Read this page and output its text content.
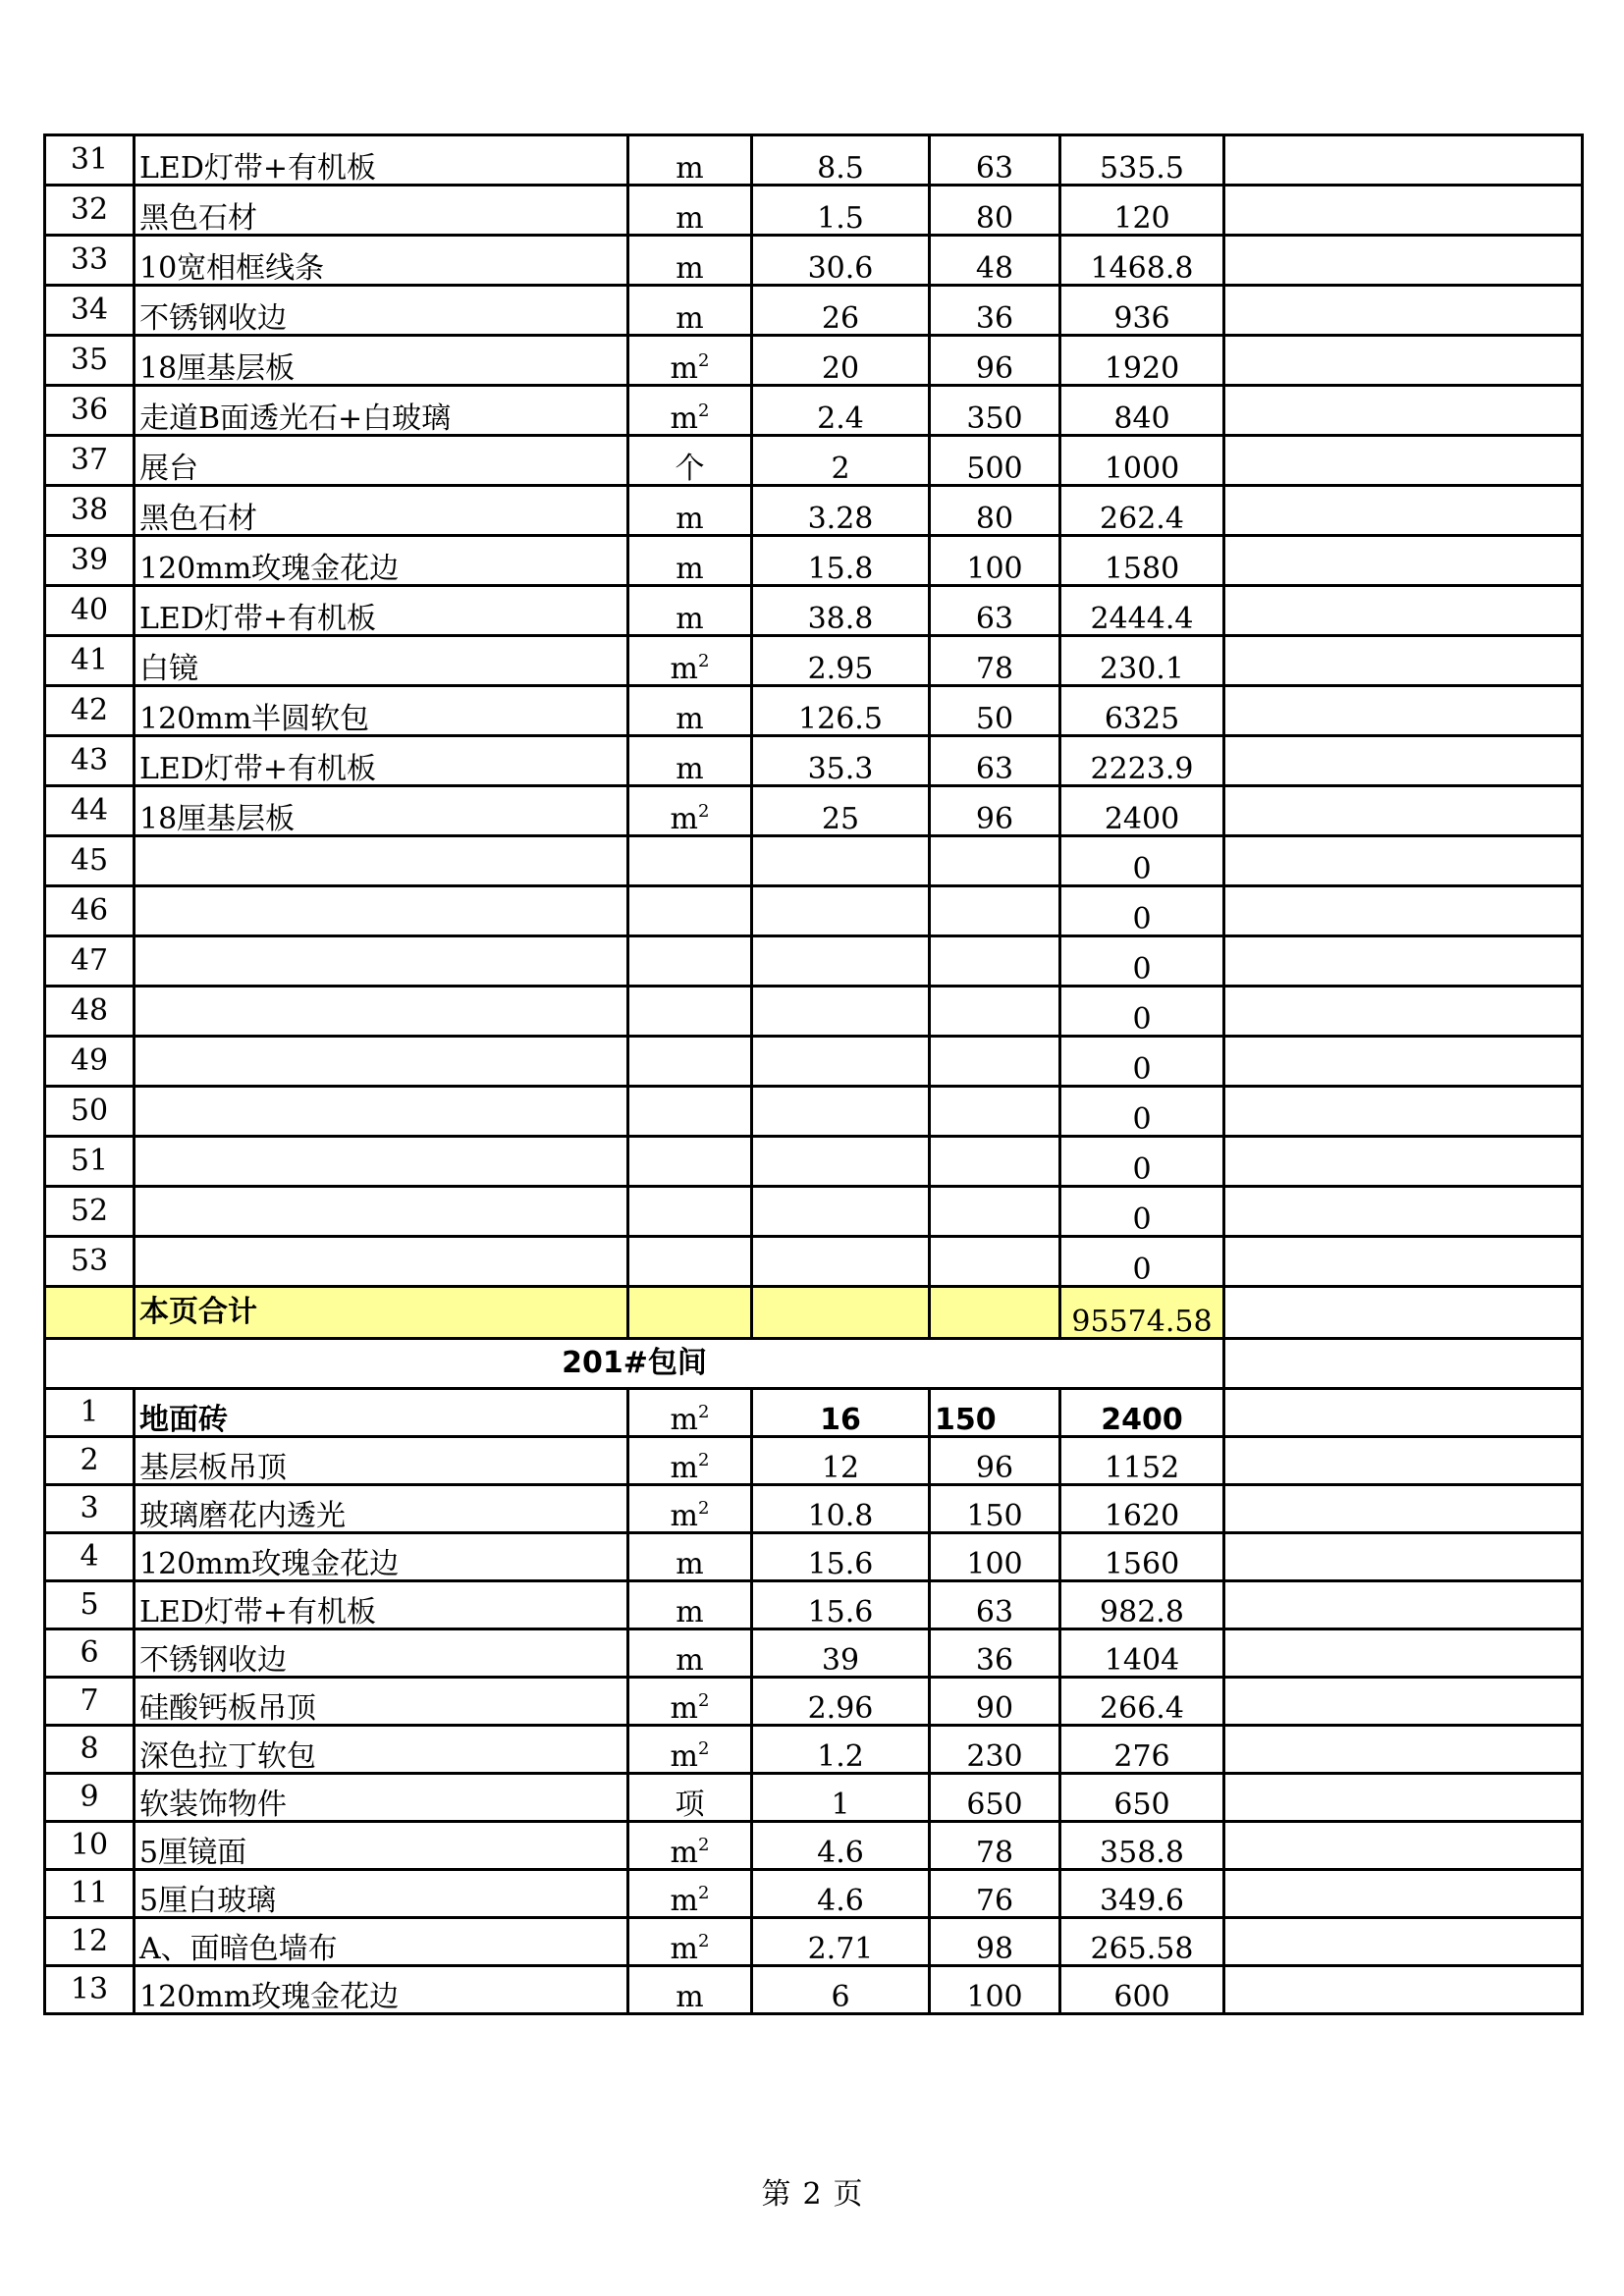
31	LED灯带+有机板	m	8.5	63	535.5	
32	黑色石材	m	1.5	80	120	
33	10宽相框线条	m	30.6	48	1468.8	
34	不锈钢收边	m	26	36	936	
35	18厘基层板	$m^2$	20	96	1920	
36	走道B面透光石+白玻璃	$m^2$	2.4	350	840	
37	展台	个	2	500	1000	
38	黑色石材	m	3.28	80	262.4	
39	120mm玫瑰金花边	m	15.8	100	1580	
40	LED灯带+有机板	m	38.8	63	2444.4	
41	白镜	$m^2$	2.95	78	230.1	
42	120mm半圆软包	m	126.5	50	6325	
43	LED灯带+有机板	m	35.3	63	2223.9	
44	18厘基层板	$m^2$	25	96	2400	
45					0	
46					0	
47					0	
48					0	
49					0	
50					0	
51					0	
52					0	
53					0	
	本页合计				95574.58	
201#包间						
1	地面砖	$m^2$	16	150	2400	
2	基层板吊顶	$m^2$	12	96	1152	
3	玻璃磨花内透光	$m^2$	10.8	150	1620	
4	120mm玫瑰金花边	m	15.6	100	1560	
5	LED灯带+有机板	m	15.6	63	982.8	
6	不锈钢收边	m	39	36	1404	
7	硅酸钙板吊顶	$m^2$	2.96	90	266.4	
8	深色拉丁软包	$m^2$	1.2	230	276	
9	软装饰物件	项	1	650	650	
10	5厘镜面	$m^2$	4.6	78	358.8	
11	5厘白玻璃	$m^2$	4.6	76	349.6	
12	A、面暗色墙布	$m^2$	2.71	98	265.58	
13	120mm玫瑰金花边	m	6	100	600	
第 2 页
